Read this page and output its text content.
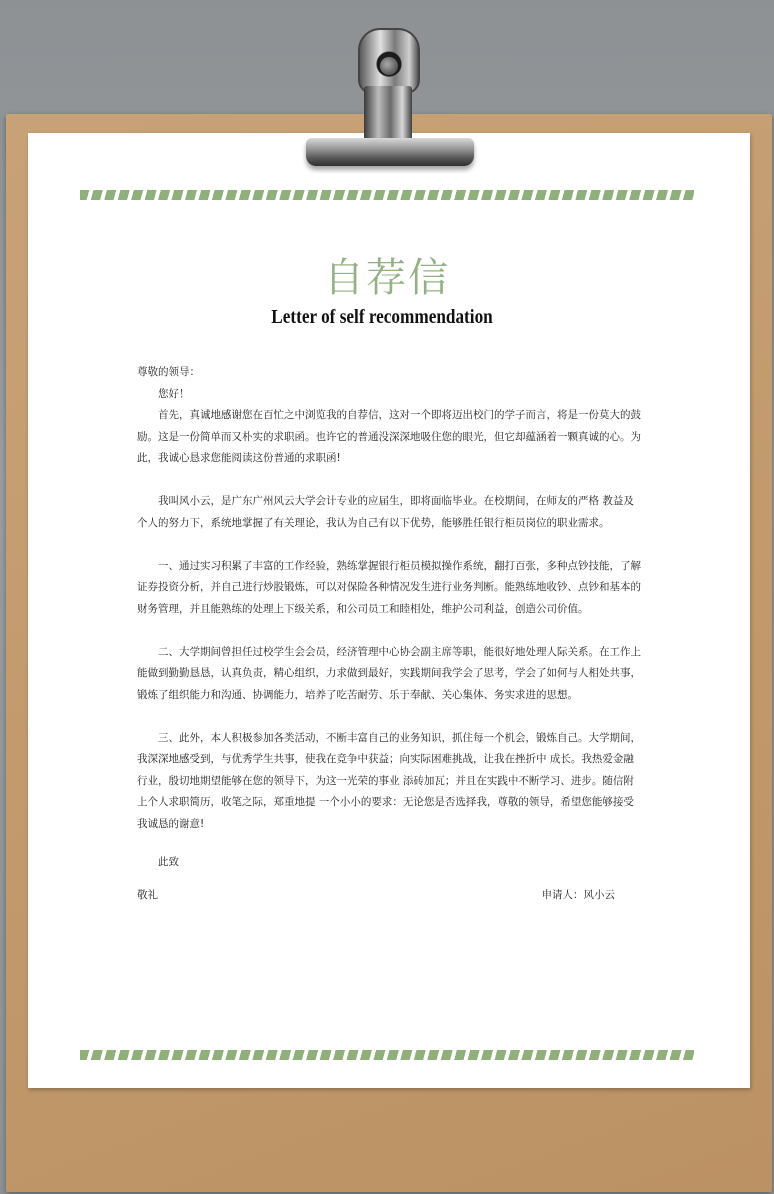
自荐信
Letter of self recommendation

尊敬的领导：

您好！

首先，真诚地感谢您在百忙之中浏览我的自荐信，这对一个即将迈出校门的学子而言，将是一份莫大的鼓励。这是一份简单而又朴实的求职函。也许它的普通没深深地吸住您的眼光，但它却蕴涵着一颗真诚的心。为此，我诚心恳求您能阅读这份普通的求职函!

我叫风小云，是广东广州风云大学会计专业的应届生，即将面临毕业。在校期间，在师友的严格 教益及个人的努力下，系统地掌握了有关理论，我认为自己有以下优势，能够胜任银行柜员岗位的职业需求。

一、通过实习积累了丰富的工作经验，熟练掌握银行柜员模拟操作系统，翻打百张，多种点钞技能，了解证券投资分析，并自己进行炒股锻炼，可以对保险各种情况发生进行业务判断。能熟练地收钞、点钞和基本的财务管理，并且能熟练的处理上下级关系，和公司员工和睦相处，维护公司利益，创造公司价值。

二、大学期间曾担任过校学生会会员，经济管理中心协会副主席等职，能很好地处理人际关系。在工作上能做到勤勤恳恳，认真负责，精心组织，力求做到最好，实践期间我学会了思考，学会了如何与人相处共事，锻炼了组织能力和沟通、协调能力，培养了吃苦耐劳、乐于奉献、关心集体、务实求进的思想。

三、此外，本人积极参加各类活动，不断丰富自己的业务知识，抓住每一个机会，锻炼自己。大学期间，我深深地感受到，与优秀学生共事，使我在竞争中获益；向实际困难挑战，让我在挫折中 成长。我热爱金融行业，殷切地期望能够在您的领导下，为这一光荣的事业 添砖加瓦；并且在实践中不断学习、进步。随信附上个人求职简历，收笔之际，郑重地提 一个小小的要求：无论您是否选择我，尊敬的领导，希望您能够接受我诚恳的谢意!

此致
敬礼	申请人：风小云
